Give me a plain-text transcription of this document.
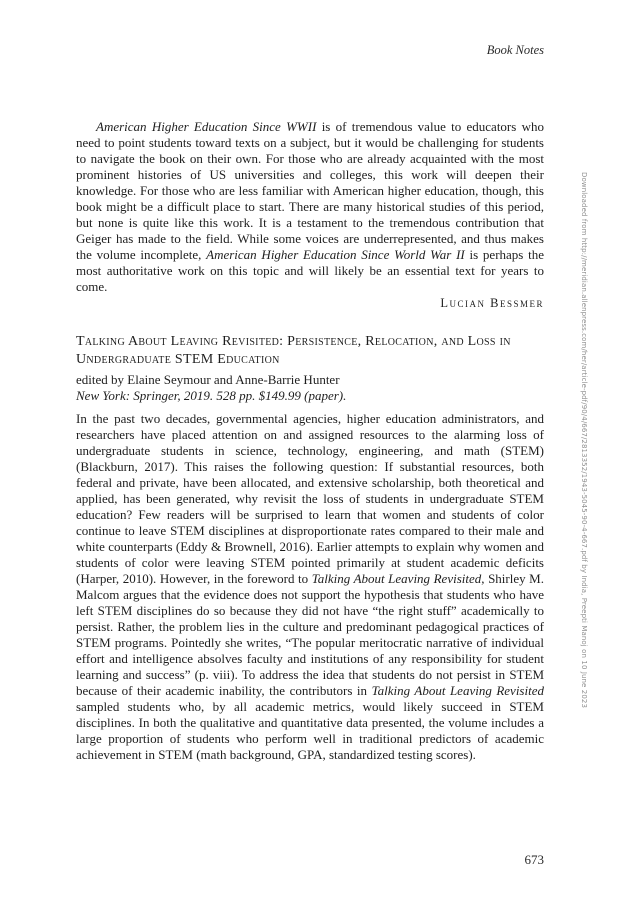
Book Notes

American Higher Education Since WWII is of tremendous value to educators who need to point students toward texts on a subject, but it would be challenging for students to navigate the book on their own. For those who are already acquainted with the most prominent histories of US universities and colleges, this work will deepen their knowledge. For those who are less familiar with American higher education, though, this book might be a difficult place to start. There are many historical studies of this period, but none is quite like this work. It is a testament to the tremendous contribution that Geiger has made to the field. While some voices are underrepresented, and thus makes the volume incomplete, American Higher Education Since World War II is perhaps the most authoritative work on this topic and will likely be an essential text for years to come.

Lucian Bessmer

Talking About Leaving Revisited: Persistence, Relocation, and Loss in Undergraduate STEM Education

edited by Elaine Seymour and Anne-Barrie Hunter

New York: Springer, 2019. 528 pp. $149.99 (paper).

In the past two decades, governmental agencies, higher education administrators, and researchers have placed attention on and assigned resources to the alarming loss of undergraduate students in science, technology, engineering, and math (STEM) (Blackburn, 2017). This raises the following question: If substantial resources, both federal and private, have been allocated, and extensive scholarship, both theoretical and applied, has been generated, why revisit the loss of students in undergraduate STEM education? Few readers will be surprised to learn that women and students of color continue to leave STEM disciplines at disproportionate rates compared to their male and white counterparts (Eddy & Brownell, 2016). Earlier attempts to explain why women and students of color were leaving STEM pointed primarily at student academic deficits (Harper, 2010). However, in the foreword to Talking About Leaving Revisited, Shirley M. Malcom argues that the evidence does not support the hypothesis that students who have left STEM disciplines do so because they did not have “the right stuff” academically to persist. Rather, the problem lies in the culture and predominant pedagogical practices of STEM programs. Pointedly she writes, “The popular meritocratic narrative of individual effort and intelligence absolves faculty and institutions of any responsibility for student learning and success” (p. viii). To address the idea that students do not persist in STEM because of their academic inability, the contributors in Talking About Leaving Revisited sampled students who, by all academic metrics, would likely succeed in STEM disciplines. In both the qualitative and quantitative data presented, the volume includes a large proportion of students who perform well in traditional predictors of academic achievement in STEM (math background, GPA, standardized testing scores).

673
Downloaded from http://meridian.allenpress.com/her/article-pdf/90/4/667/2813352/1943-5045-90-4-667.pdf by India, Preepti Manoj on 10 June 2023
